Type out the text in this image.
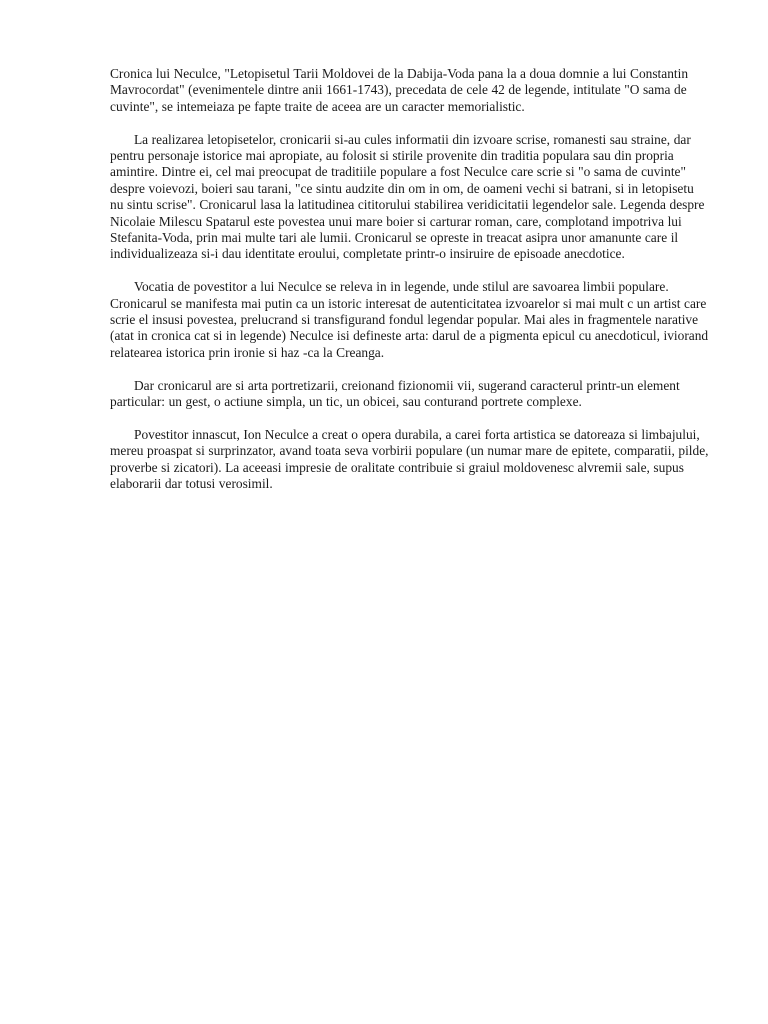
Cronica lui Neculce, "Letopisetul Tarii Moldovei de la Dabija-Voda pana la a doua domnie a lui Constantin Mavrocordat" (evenimentele dintre anii 1661-1743), precedata de cele 42 de legende, intitulate "O sama de cuvinte", se intemeiaza pe fapte traite de aceea are un caracter memorialistic.

La realizarea letopisetelor, cronicarii si-au cules informatii din izvoare scrise, romanesti sau straine, dar pentru personaje istorice mai apropiate, au folosit si stirile provenite din traditia populara sau din propria amintire. Dintre ei, cel mai preocupat de traditiile populare a fost Neculce care scrie si "o sama de cuvinte" despre voievozi, boieri sau tarani, "ce sintu audzite din om in om, de oameni vechi si batrani, si in letopisetu nu sintu scrise". Cronicarul lasa la latitudinea cititorului stabilirea veridicitatii legendelor sale. Legenda despre Nicolaie Milescu Spatarul este povestea unui mare boier si carturar roman, care, complotand impotriva lui Stefanita-Voda, prin mai multe tari ale lumii. Cronicarul se opreste in treacat asipra unor amanunte care il individualizeaza si-i dau identitate eroului, completate printr-o insiruire de episoade anecdotice.

Vocatia de povestitor a lui Neculce se releva in in legende, unde stilul are savoarea limbii populare. Cronicarul se manifesta mai putin ca un istoric interesat de autenticitatea izvoarelor si mai mult c un artist care scrie el insusi povestea, prelucrand si transfigurand fondul legendar popular. Mai ales in fragmentele narative (atat in cronica cat si in legende) Neculce isi defineste arta: darul de a pigmenta epicul cu anecdoticul, iviorand relatearea istorica prin ironie si haz -ca la Creanga.

Dar cronicarul are si arta portretizarii, creionand fizionomii vii, sugerand caracterul printr-un element particular: un gest, o actiune simpla, un tic, un obicei, sau conturand portrete complexe.

Povestitor innascut, Ion Neculce a creat o opera durabila, a carei forta artistica se datoreaza si limbajului, mereu proaspat si surprinzator, avand toata seva vorbirii populare (un numar mare de epitete, comparatii, pilde, proverbe si zicatori). La aceeasi impresie de oralitate contribuie si graiul moldovenesc alvremii sale, supus elaborarii dar totusi verosimil.
